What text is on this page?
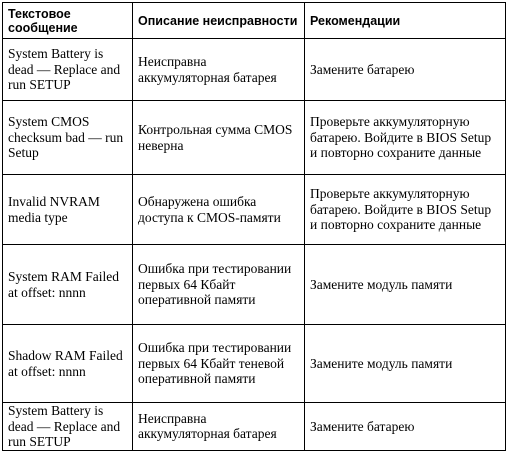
Текстовое сообщение	Описание неисправности	Рекомендации
System Battery is dead — Replace and run SETUP	Неисправна аккумуляторная батарея	Замените батарею
System CMOS checksum bad — run Setup	Контрольная сумма CMOS неверна	Проверьте аккумуляторную батарею. Войдите в BIOS Setup и повторно сохраните данные
Invalid NVRAM media type	Обнаружена ошибка доступа к CMOS-памяти	Проверьте аккумуляторную батарею. Войдите в BIOS Setup и повторно сохраните данные
System RAM Failed at offset: nnnn	Ошибка при тестировании первых 64 Кбайт оперативной памяти	Замените модуль памяти
Shadow RAM Failed at offset: nnnn	Ошибка при тестировании первых 64 Кбайт теневой оперативной памяти	Замените модуль памяти
System Battery is dead — Replace and run SETUP	Неисправна аккумуляторная батарея	Замените батарею
